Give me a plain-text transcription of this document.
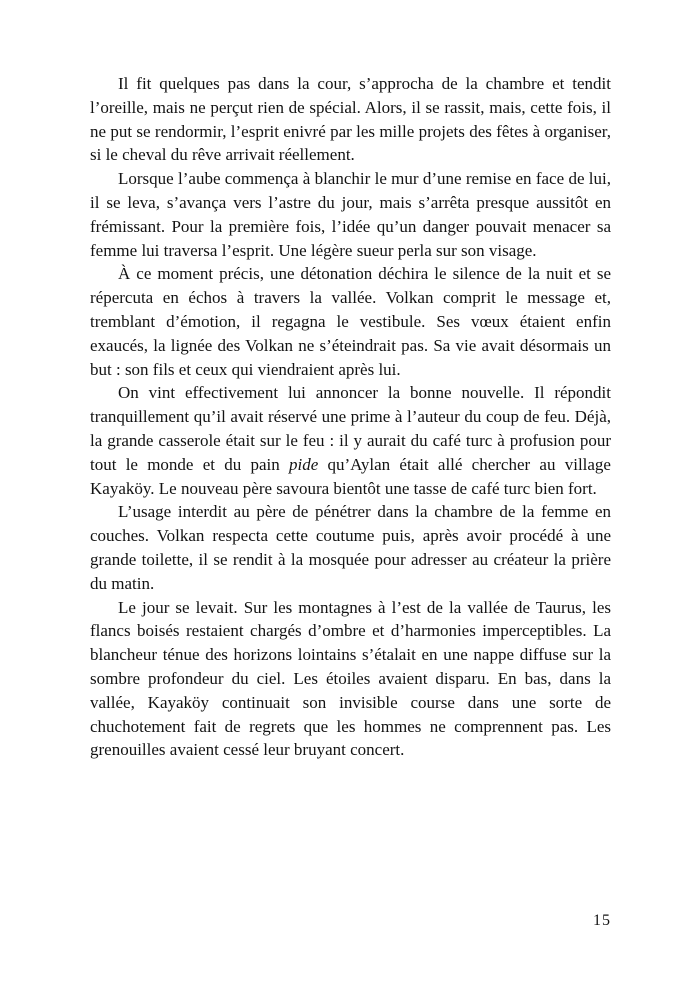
Il fit quelques pas dans la cour, s’approcha de la chambre et tendit l’oreille, mais ne perçut rien de spécial. Alors, il se rassit, mais, cette fois, il ne put se rendormir, l’esprit enivré par les mille projets des fêtes à organiser, si le cheval du rêve arrivait réellement.

Lorsque l’aube commença à blanchir le mur d’une remise en face de lui, il se leva, s’avança vers l’astre du jour, mais s’arrêta presque aussitôt en frémissant. Pour la première fois, l’idée qu’un danger pouvait menacer sa femme lui traversa l’esprit. Une légère sueur perla sur son visage.

À ce moment précis, une détonation déchira le silence de la nuit et se répercuta en échos à travers la vallée. Volkan comprit le message et, tremblant d’émotion, il regagna le vestibule. Ses vœux étaient enfin exaucés, la lignée des Volkan ne s’éteindrait pas. Sa vie avait désormais un but : son fils et ceux qui viendraient après lui.

On vint effectivement lui annoncer la bonne nouvelle. Il répondit tranquillement qu’il avait réservé une prime à l’auteur du coup de feu. Déjà, la grande casserole était sur le feu : il y aurait du café turc à profusion pour tout le monde et du pain pide qu’Aylan était allé chercher au village Kayaköy. Le nouveau père savoura bientôt une tasse de café turc bien fort.

L’usage interdit au père de pénétrer dans la chambre de la femme en couches. Volkan respecta cette coutume puis, après avoir procédé à une grande toilette, il se rendit à la mosquée pour adresser au créateur la prière du matin.

Le jour se levait. Sur les montagnes à l’est de la vallée de Taurus, les flancs boisés restaient chargés d’ombre et d’harmonies imperceptibles. La blancheur ténue des horizons lointains s’étalait en une nappe diffuse sur la sombre profondeur du ciel. Les étoiles avaient disparu. En bas, dans la vallée, Kayaköy continuait son invisible course dans une sorte de chuchotement fait de regrets que les hommes ne comprennent pas. Les grenouilles avaient cessé leur bruyant concert.

15
